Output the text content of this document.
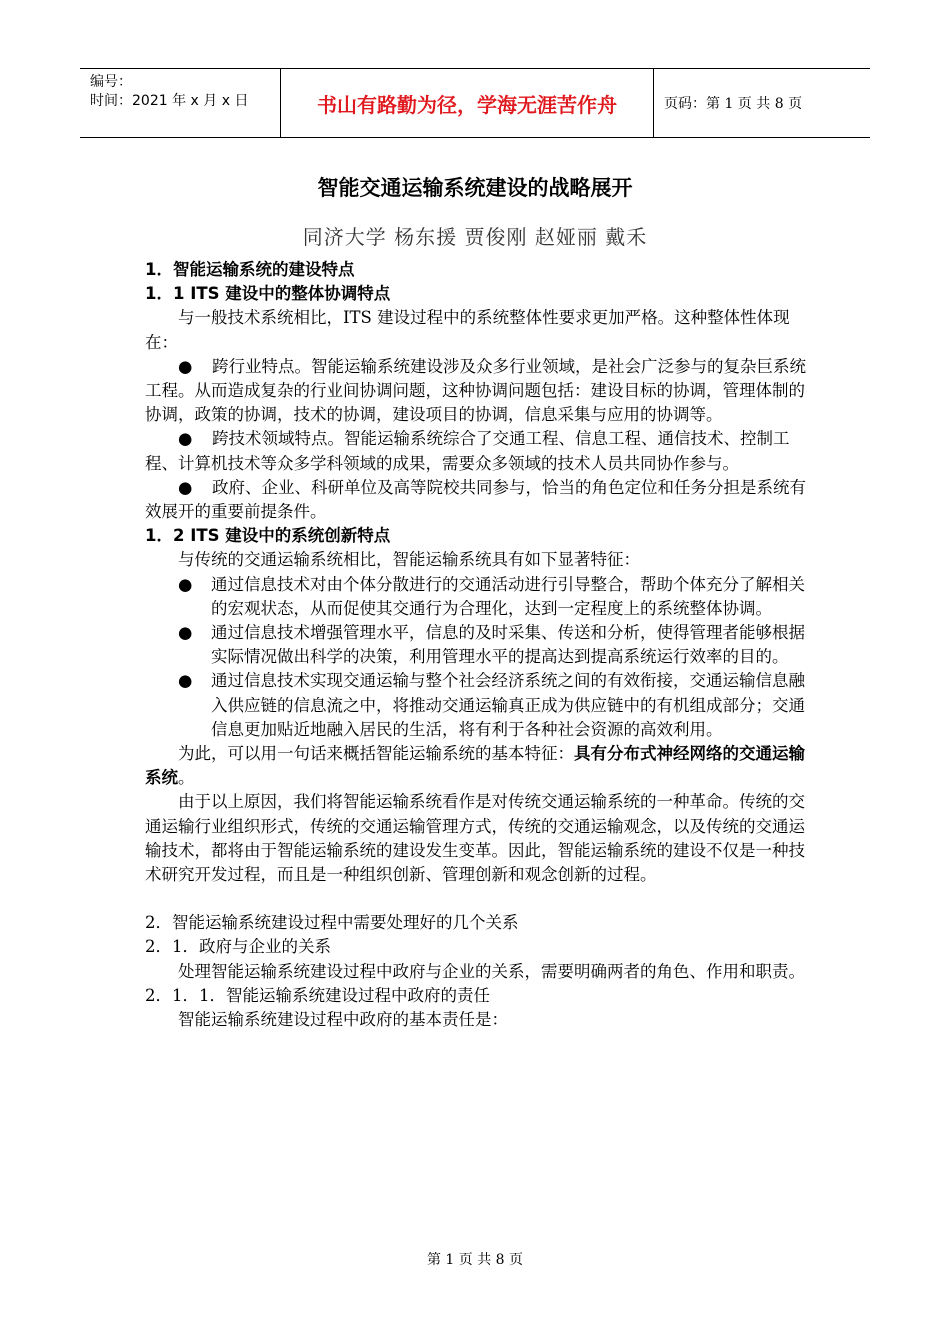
编号：
时间：2021 年 x 月 x 日	书山有路勤为径，学海无涯苦作舟	页码：第 1 页 共 8 页
智能交通运输系统建设的战略展开
同济大学 杨东援 贾俊刚 赵娅丽 戴禾

1．智能运输系统的建设特点

1．1 ITS 建设中的整体协调特点

与一般技术系统相比，ITS 建设过程中的系统整体性要求更加严格。这种整体性体现在：

● 跨行业特点。智能运输系统建设涉及众多行业领域，是社会广泛参与的复杂巨系统工程。从而造成复杂的行业间协调问题，这种协调问题包括：建设目标的协调，管理体制的协调，政策的协调，技术的协调，建设项目的协调，信息采集与应用的协调等。

● 跨技术领域特点。智能运输系统综合了交通工程、信息工程、通信技术、控制工程、计算机技术等众多学科领域的成果，需要众多领域的技术人员共同协作参与。

● 政府、企业、科研单位及高等院校共同参与，恰当的角色定位和任务分担是系统有效展开的重要前提条件。

1．2 ITS 建设中的系统创新特点

与传统的交通运输系统相比，智能运输系统具有如下显著特征：

● 通过信息技术对由个体分散进行的交通活动进行引导整合，帮助个体充分了解相关的宏观状态，从而促使其交通行为合理化，达到一定程度上的系统整体协调。
● 通过信息技术增强管理水平，信息的及时采集、传送和分析，使得管理者能够根据实际情况做出科学的决策，利用管理水平的提高达到提高系统运行效率的目的。
● 通过信息技术实现交通运输与整个社会经济系统之间的有效衔接，交通运输信息融入供应链的信息流之中，将推动交通运输真正成为供应链中的有机组成部分；交通信息更加贴近地融入居民的生活，将有利于各种社会资源的高效利用。

为此，可以用一句话来概括智能运输系统的基本特征：具有分布式神经网络的交通运输系统。

由于以上原因，我们将智能运输系统看作是对传统交通运输系统的一种革命。传统的交通运输行业组织形式，传统的交通运输管理方式，传统的交通运输观念，以及传统的交通运输技术，都将由于智能运输系统的建设发生变革。因此，智能运输系统的建设不仅是一种技术研究开发过程，而且是一种组织创新、管理创新和观念创新的过程。

2．智能运输系统建设过程中需要处理好的几个关系

2．1．政府与企业的关系

处理智能运输系统建设过程中政府与企业的关系，需要明确两者的角色、作用和职责。

2．1．1．智能运输系统建设过程中政府的责任

智能运输系统建设过程中政府的基本责任是：

第 1 页 共 8 页
